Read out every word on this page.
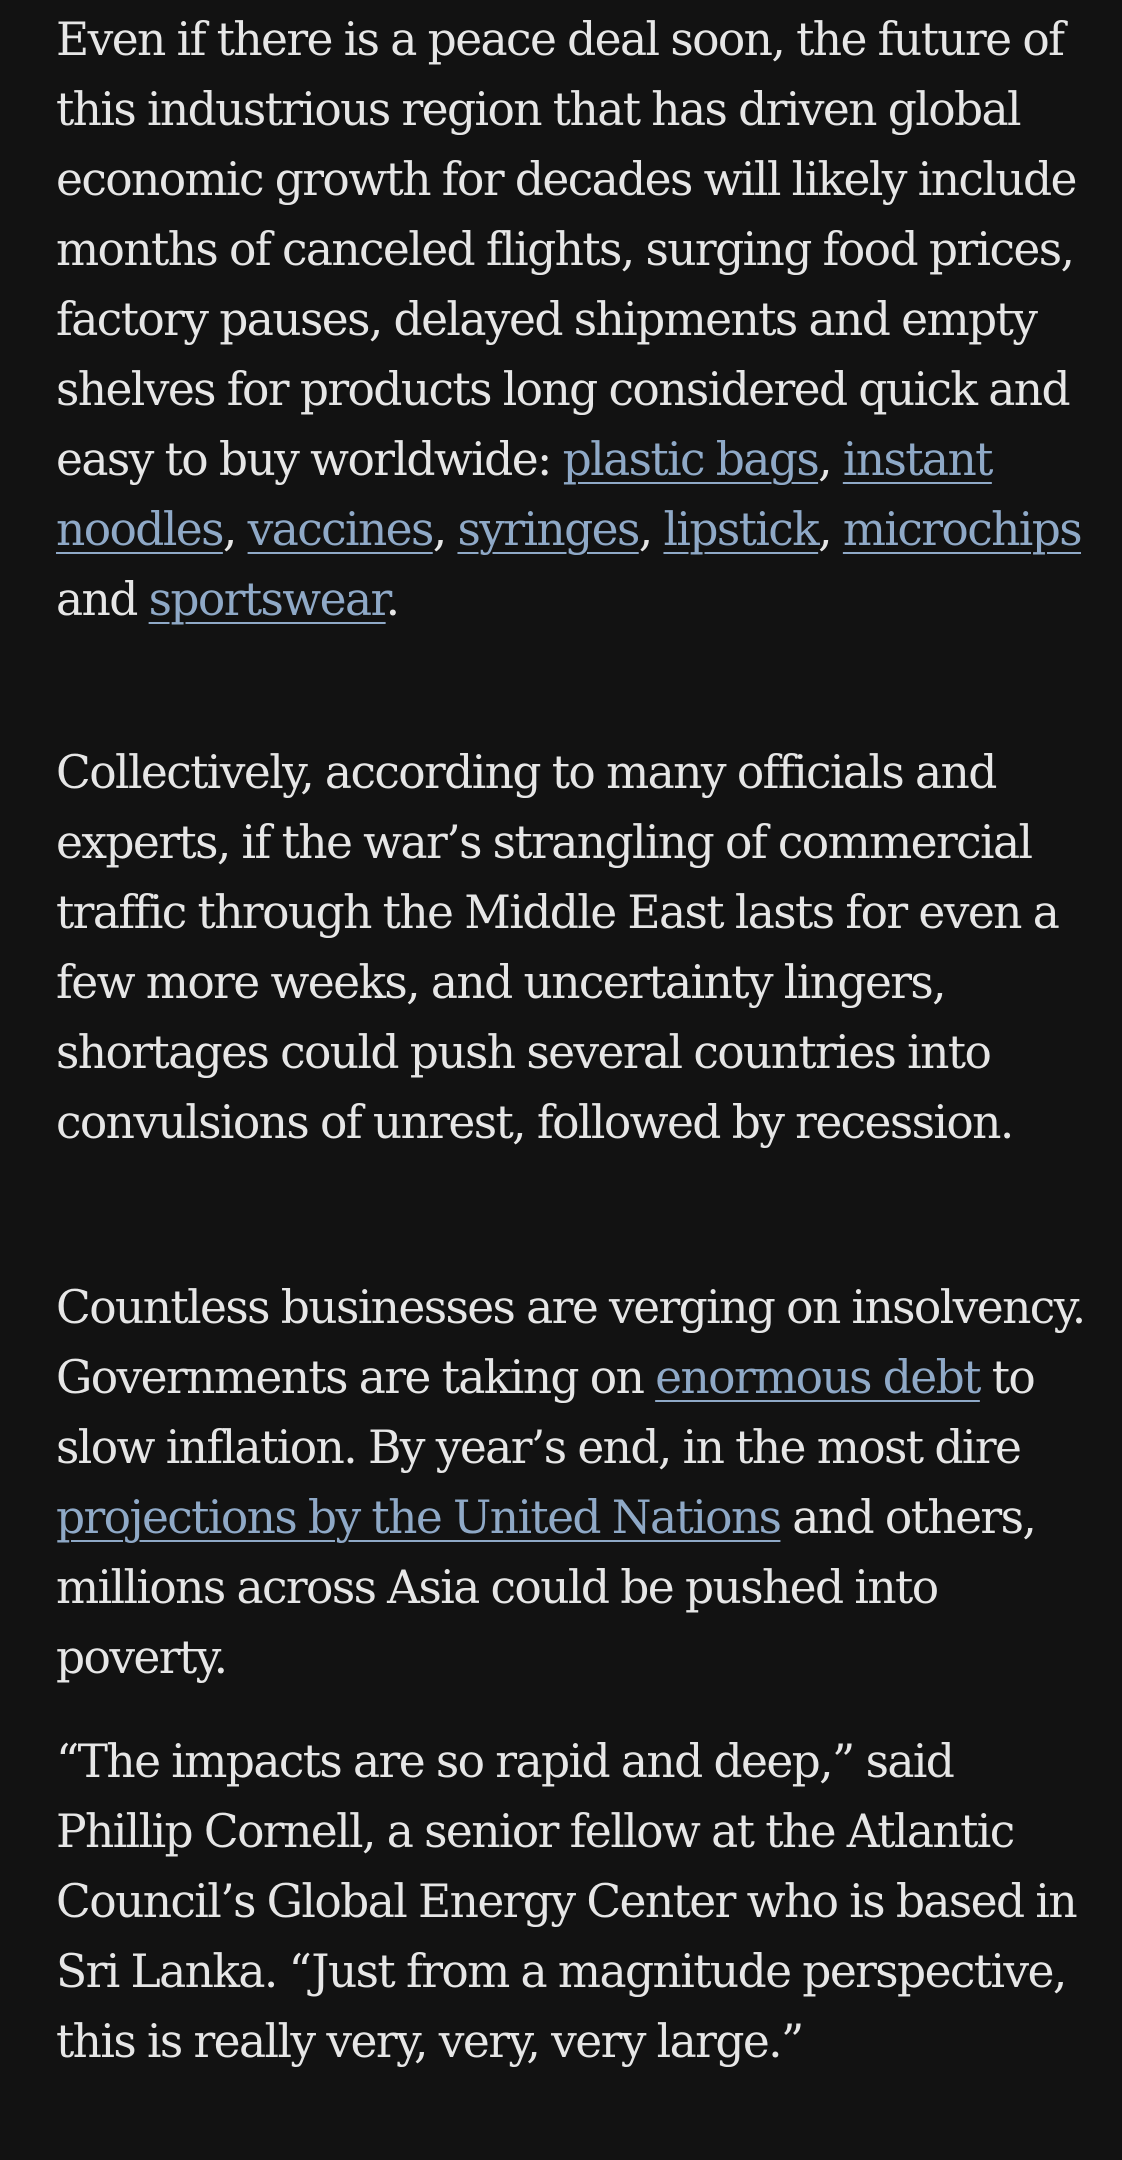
Even if there is a peace deal soon, the future of this industrious region that has driven global economic growth for decades will likely include months of canceled flights, surging food prices, factory pauses, delayed shipments and empty shelves for products long considered quick and easy to buy worldwide: plastic bags, instant noodles, vaccines, syringes, lipstick, microchips and sportswear.

Collectively, according to many officials and experts, if the war’s strangling of commercial traffic through the Middle East lasts for even a few more weeks, and uncertainty lingers, shortages could push several countries into convulsions of unrest, followed by recession.

Countless businesses are verging on insolvency. Governments are taking on enormous debt to slow inflation. By year’s end, in the most dire projections by the United Nations and others, millions across Asia could be pushed into poverty.

“The impacts are so rapid and deep,” said Phillip Cornell, a senior fellow at the Atlantic Council’s Global Energy Center who is based in Sri Lanka. “Just from a magnitude perspective, this is really very, very, very large.”
